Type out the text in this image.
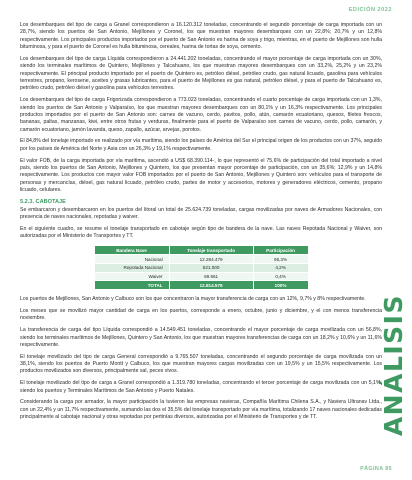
EDICIÓN 2022

Los desembarques del tipo de carga a Granel correspondieron a 16.120.312 toneladas, concentrando el segundo porcentaje de carga importada con un 28,7%, siendo los puertos de San Antonio, Mejillones y Coronel, los que muestran mayores desembarques con un 22,8%; 20,7% y un 12,8% respectivamente. Los principales productos importados por el puerto de San Antonio es harina de soya y trigo, mientras, en el puerto de Mejillones son hulla bituminosa, y para el puerto de Coronel es hulla bituminosa, cereales, harina de tortas de soya, cemento.

Los desembarques del tipo de carga Líquida correspondieron a 24.441.202 toneladas, concentrando el mayor porcentaje de carga importada con un 30%, siendo los terminales marítimos de Quintero, Mejillones y Talcahuano, los que muestran mayores desembarques con un 33,2%, 25,2% y un 23,2% respectivamente. El principal producto importado por el puerto de Quintero es, petróleo diésel, petróleo crudo, gas natural licuado, gasolina para vehículos terrestres, propano, kerosene, aceites y grasas lubricantes, para el puerto de Mejillones es gas natural, petróleo diésel, y para el puerto de Talcahuano es, petróleo crudo, petróleo diésel y gasolina para vehículos terrestres.

Los desembarques del tipo de carga Frigorizada correspondieron a 773.023 toneladas, concentrando el cuarto porcentaje de carga importada con un 1,3%, siendo los puertos de San Antonio y Valparaíso, los que muestran mayores desembarques con un 80,1% y un 16,3% respectivamente. Los principales productos importados por el puerto de San Antonio son: carnes de vacuno, cerdo, pavitos, pollo, atún, camarón ecuatoriano, quesos, filetes frescos, bananas, paltas, manzanas, kiwi, entre otros frutas y verduras, finalmente para el puerto de Valparaíso son carnes de vacuno, cerdo, pollo, camarón, y camarón ecuatoriano, jamón lavanda, queso, zapallo, azúcar, arvejas, porotos.

El 84,8% del tonelaje importado es realizado por vía marítima, siendo los países de América del Sur el principal origen de los productos con un 37%, seguido por los países de América del Norte y Asia con un 26,3% y 19,1% respectivamente.

El valor FOB, de la carga importada por vía marítima, ascendió a US$ 68.390.114-, lo que representó el 75,6% de participación del total importado a nivel país, siendo los puertos de San Antonio, Mejillones y Quintero, los que presentan mayor porcentaje de participación, con un 35,6%; 12,9% y un 14,8% respectivamente. Los productos con mayor valor FOB importados por el puerto de San Antonio, Mejillones y Quintero son: vehículos para el transporte de personas y mercancías, diésel, gas natural licuado, petróleo crudo, partes de motor y accesorios, motores y generadores eléctricos, cemento, propano licuado, celulares.

5.2.3. CABOTAJE

Se embarcaron y desembarcaron en los puertos del litoral un total de 25.624.739 toneladas, cargas movilizadas por naves de Armadores Nacionales, con presencia de naves nacionales, repotadas y waiver.

En el siguiente cuadro, se resume el tonelaje transportado en cabotaje según tipo de bandera de la nave. Las naves Repotada Nacional y Waiver, son autorizadas por el Ministerio de Transportes y TT.

Bandera Nave	Tonelaje transportado	Participación
Nacional	12.284.479	95,3%
Repotada Nacional	521.000	4,2%
Waiver	69.661	0,4%
TOTAL	12.814.579	100%

Los puertos de Mejillones, San Antonio y Calbuco son los que concentraron la mayor transferencia de carga con un 12%, 9,7% y 8% respectivamente.

Los meses que se movilizó mayor cantidad de carga en los puertos, corresponde a enero, octubre, junio y diciembre, y el con menos transferencia noviembre.

La transferencia de carga del tipo Líquida correspondió a 14.549.451 toneladas, concentrando el mayor porcentaje de carga movilizada con un 56,8%, siendo los terminales marítimos de Mejillones, Quintero y San Antonio, los que muestran mayores transferencias de carga con un 18,2% y 10,6% y un 11,6% respectivamente.

El tonelaje movilizado del tipo de carga General correspondió a 9.765.507 toneladas, concentrando el segundo porcentaje de carga movilizada con un 38,1%, siendo los puertos de Puerto Montt y Calbuco, los que muestran mayores cargas movilizadas con un 19,5% y un 15,5% respectivamente. Los productos movilizados son diversos, principalmente sal, peces vivos.

El tonelaje movilizado del tipo de carga a Granel correspondió a 1.319.780 toneladas, concentrando el tercer porcentaje de carga movilizada con un 5,1%, siendo los puertos y Terminales Marítimos de San Antonio y Puerto Natales.

Considerando la carga por armador, la mayor participación la tuvieron las empresas navieras, Compañía Marítima Chilena S.A., y Naviera Ultranav Ltda., con un 22,4% y un 11,7% respectivamente, sumando las dos el 35,5% del tonelaje transportado por vía marítima, totalizando 17 naves nacionales dedicadas principalmente al cabotaje nacional y otras repotadas por pertinías diversos, autorizadas por el Ministerio de Transportes y de TT.	ANÁLISIS
PÁGINA 85
